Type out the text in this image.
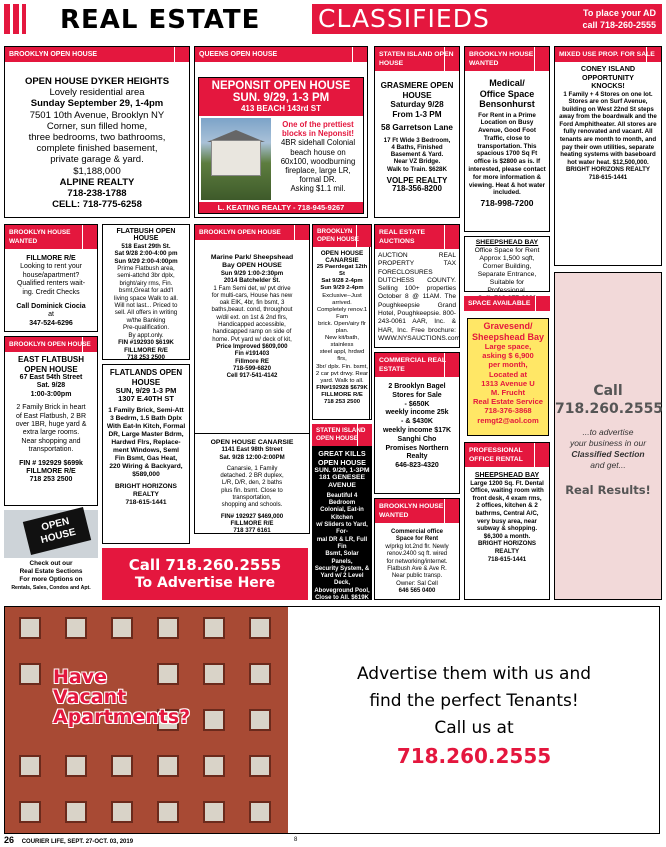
REAL ESTATE CLASSIFIEDS	To place your AD
call 718-260-2555
BROOKLYN OPEN HOUSE
OPEN HOUSE DYKER HEIGHTS
Lovely residential area
Sunday September 29, 1-4pm
7501 10th Avenue, Brooklyn NY
Corner, sun filled home,
three bedrooms, two bathrooms,
complete finished basement,
private garage & yard.
$1,188,000
ALPINE REALTY
718-238-1788
CELL: 718-775-6258
BROOKLYN HOUSE WANTED
FILLMORE R/E
Looking to rent your
house/apartment?
Qualified renters wait-
ing. Credit Checks
Call Dominick Ciocia
at
347-524-6296
BROOKLYN OPEN HOUSE
EAST FLATBUSH OPEN HOUSE
67 East 54th Street
Sat. 9/28
1:00-3:00pm
2 Family Brick in heart
of East Flatbush, 2 BR
over 1BR, huge yard &
extra large rooms.
Near shopping and
transportation.
FIN # 192929 $699k
FILLMORE R/E
718 253 2500
OPEN HOUSE
Check out our
Real Estate Sections
For more Options on
Rentals, Sales, Condos and Apt.
FLATBUSH OPEN HOUSE
518 East 29th St.
Sat 9/28 2:00-4:00 pm
Sun 9/29 2:00-4:00pm
Prime Flatbush area,
semi-attchd 3br dplx,
bright/airy rms, Fin.
bsmt,Great for add'l
living space Walk to all.
Will not last... Priced to
sell. All offers in writing
w/the Banking
Pre-qualification.
By appt.only.
FIN #192930 $619K
FILLMORE R/E
718 253 2500
FLATLANDS OPEN HOUSE
SUN, 9/29 1-3 PM
1307 E.40TH ST
1 Family Brick, Semi-Att
3 Bedrm, 1.5 Bath Dplx
With Eat-In Kitch, Formal
DR, Large Master Bdrm,
Hardwd Flrs, Replace-
ment Windows, Seml
Fin Bsmt, Gas Heat,
220 Wiring & Backyard,
$589,000
BRIGHT HORIZONS REALTY
718-615-1441
QUEENS OPEN HOUSE
NEPONSIT OPEN HOUSE
SUN. 9/29, 1-3 PM
413 BEACH 143rd ST
One of the prettiest
blocks in Neponsit!
4BR sidehall Colonial
beach house on
60x100, woodburning
fireplace, large LR,
formal DR.
Asking $1.1 mil.
L. KEATING REALTY - 718-945-9267
BROOKLYN OPEN HOUSE
Marine Park/ Sheepshead Bay OPEN HOUSE
Sun 9/29 1:00-2:30pm
2014 Batchelder St.
1 Fam Semi det, w/ pvt drive
for multi-cars, House has new
oak EIK, 4br, fin bsmt, 3
baths,beaut. cond, throughout
w/dil ext. on 1st & 2nd flrs,
Handicapped accessible,
handicapped ramp on side of
home. Pvt yard w/ deck of kit,
Price Improved $609,000
Fin #191403
Fillmore RE
718-599-6820
Cell 917-541-4142
OPEN HOUSE CANARSIE
1141 East 98th Street
Sat. 9/28 12:00-2:00PM
Canarsie, 1 Family
detached. 2 BR duplex,
L/R, D/R, den, 2 baths
plus fin. bsmt. Close to
transportation,
shopping and schools.
FIN# 192927 $469,000
FILLMORE R/E
718 377 6161
BROOKLYN OPEN HOUSE
OPEN HOUSE CANARSIE
25 Paerdegat 12th St
Sat 9/28 2-4pm
Sun 9/29 2-4pm
Exclusive--Just arrived.
Completely renov.1 Fam
brick. Open/airy flr plan.
New kit/bath, stainless
steel appl, hrdwd flrs,
3br/ dplx. Fin. bsmt,
2 car pvt drwy. Rear
yard. Walk to all.
FIN#192928 $679K
FILLMORE R/E
718 253 2500
STATEN ISLAND OPEN HOUSE
GREAT KILLS OPEN HOUSE
SUN. 9/29, 1-3PM
181 GENESEE AVENUE
Beautiful 4 Bedroom
Colonial, Eat-in Kitchen
w/ Sliders to Yard, For-
mal DR & LR, Full Fin
Bsmt, Solar Panels,
Security System, &
Yard w/ 2 Level Deck,
Aboveground Pool,
Close to All. $619K
VOLPE REALTY
718-356-8200
Call 718.260.2555
To Advertise Here
STATEN ISLAND OPEN HOUSE
GRASMERE OPEN HOUSE
Saturday 9/28
From 1-3 PM
58 Garretson Lane
17 Ft Wide 3 Bedroom,
4 Baths, Finished
Basement & Yard.
Near VZ Bridge.
Walk to Train. $628K
VOLPE REALTY
718-356-8200
REAL ESTATE AUCTIONS
AUCTION REAL PROPERTY TAX FORECLOSURES DUTCHESS COUNTY. Selling 100+ properties October 8 @ 11AM. The Poughkeepsie Grand Hotel, Poughkeepsie. 800-243-0061 AAR, Inc. & HAR, Inc. Free brochure: WWW.NYSAUCTIONS.com
COMMERCIAL REAL ESTATE
2 Brooklyn Bagel
Stores for Sale
- $650K
weekly income 25k
- & $430K
weekly income $17K
Sanghi Cho
Promises Northern
Realty
646-823-4320
BROOKLYN HOUSE WANTED
Commercial office
Space for Rent
w/prkg lot.2nd flr. Newly
renov.2400 sq ft. wired
for networking/internet.
Flatbush Ave & Ave R.
Near public transp.
Owner: Sal Cell
646 565 0400
BROOKLYN HOUSE WANTED
Medical/ Office Space Bensonhurst
For Rent in a Prime Location on Busy Avenue, Good Foot Traffic, close to transportation. This spacious 1700 Sq Ft office is $2800 as is. If interested, please contact for more information & viewing. Heat & hot water included.
718-998-7200
SHEEPSHEAD BAY
Office Space for Rent
Approx 1,500 sqft,
Corner Building,
Separate Entrance,
Suitable for
Professional.
SPACE AVAILABLE
Gravesend/ Sheepshead Bay
Large space,
asking $ 6,900
per month,
Located at
1313 Avenue U
M. Frucht
Real Estate Service
718-376-3868
remgt2@aol.com
PROFESSIONAL OFFICE RENTAL
SHEEPSHEAD BAY
Large 1200 Sq. Ft. Dental
Office, waiting room with
front desk, 4 exam rms,
2 offices, kitchen & 2
bathrms, Central A/C,
very busy area, near
subway & shopping.
$6,300 a month.
BRIGHT HORIZONS REALTY
718-615-1441
MIXED USE PROP. FOR SALE
CONEY ISLAND OPPORTUNITY KNOCKS!
1 Family + 4 Stores on one lot. Stores are on Surf Avenue, building on West 22nd St steps away from the boardwalk and the Ford Amphitheater. All stores are fully renovated and vacant. All tenants are month to month, and pay their own utilities, separate heating systems with baseboard hot water heat. $12,500,000.
BRIGHT HORIZONS REALTY
718-615-1441
Call
718.260.2555
...to advertise
your business in our
Classified Section
and get...
Real Results!
Have
Vacant
Apartments?
Advertise them with us and
find the perfect Tenants!
Call us at
718.260.2555
26 COURIER LIFE, SEPT. 27-OCT. 03, 2019	8
